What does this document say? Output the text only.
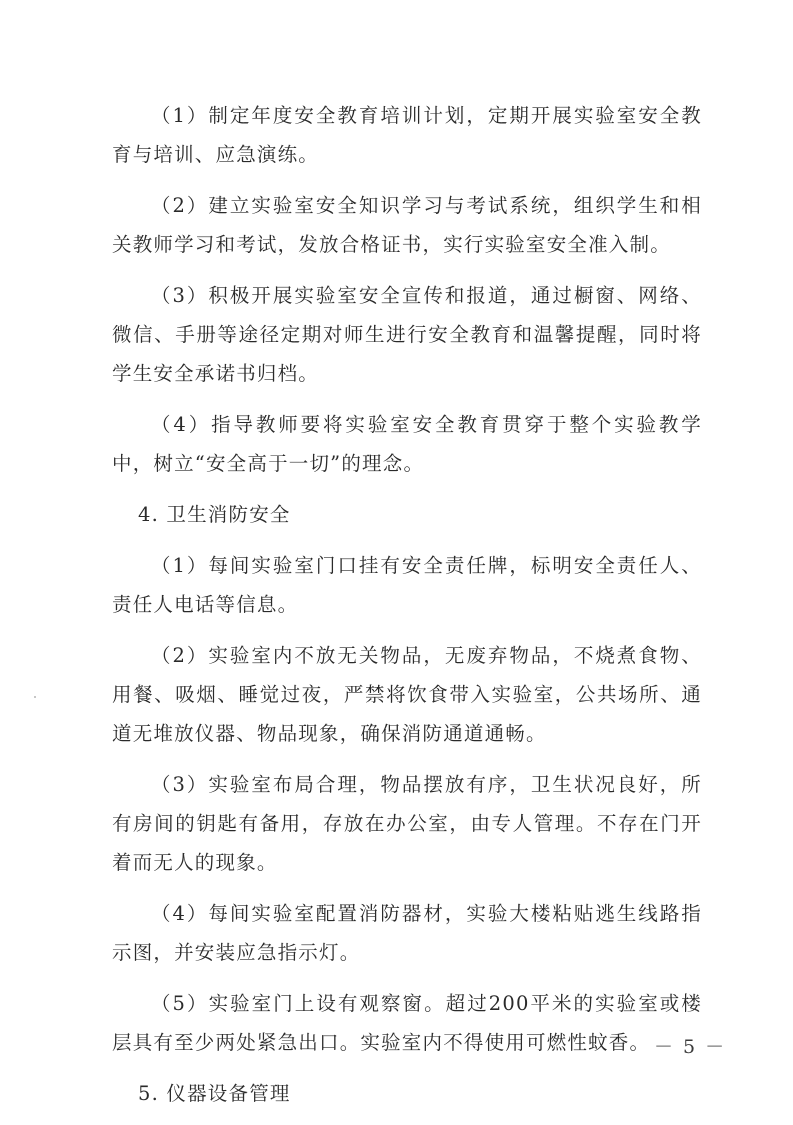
（1）制定年度安全教育培训计划，定期开展实验室安全教育与培训、应急演练。

（2）建立实验室安全知识学习与考试系统，组织学生和相关教师学习和考试，发放合格证书，实行实验室安全准入制。

（3）积极开展实验室安全宣传和报道，通过橱窗、网络、微信、手册等途径定期对师生进行安全教育和温馨提醒，同时将学生安全承诺书归档。

（4）指导教师要将实验室安全教育贯穿于整个实验教学中，树立“安全高于一切”的理念。

4. 卫生消防安全

（1）每间实验室门口挂有安全责任牌，标明安全责任人、责任人电话等信息。

（2）实验室内不放无关物品，无废弃物品，不烧煮食物、用餐、吸烟、睡觉过夜，严禁将饮食带入实验室，公共场所、通道无堆放仪器、物品现象，确保消防通道通畅。

（3）实验室布局合理，物品摆放有序，卫生状况良好，所有房间的钥匙有备用，存放在办公室，由专人管理。不存在门开着而无人的现象。

（4）每间实验室配置消防器材，实验大楼粘贴逃生线路指示图，并安装应急指示灯。

（5）实验室门上设有观察窗。超过200平米的实验室或楼层具有至少两处紧急出口。实验室内不得使用可燃性蚊香。

5. 仪器设备管理

－ 5 －
